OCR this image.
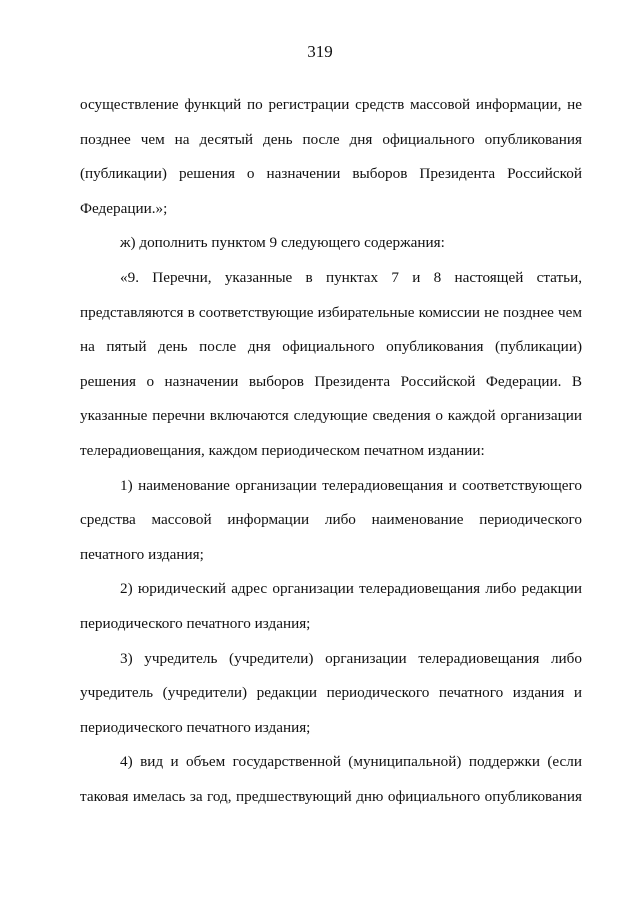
319
осуществление функций по регистрации средств массовой информации, не
позднее чем на десятый день после дня официального опубликования
(публикации) решения о назначении выборов Президента Российской
Федерации.»;
ж) дополнить пунктом 9 следующего содержания:
«9. Перечни, указанные в пунктах 7 и 8 настоящей статьи,
представляются в соответствующие избирательные комиссии не позднее чем
на пятый день после дня официального опубликования (публикации)
решения о назначении выборов Президента Российской Федерации. В
указанные перечни включаются следующие сведения о каждой организации
телерадиовещания, каждом периодическом печатном издании:
1) наименование организации телерадиовещания и соответствующего
средства массовой информации либо наименование периодического
печатного издания;
2) юридический адрес организации телерадиовещания либо редакции
периодического печатного издания;
3) учредитель (учредители) организации телерадиовещания либо
учредитель (учредители) редакции периодического печатного издания и
периодического печатного издания;
4) вид и объем государственной (муниципальной) поддержки (если
таковая имелась за год, предшествующий дню официального опубликования
